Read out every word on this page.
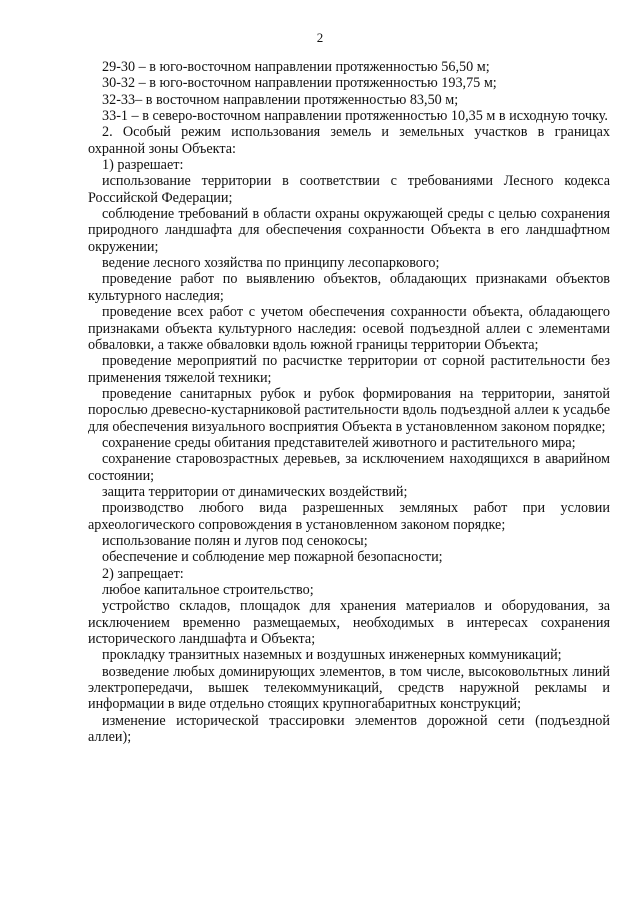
2

29-30 – в юго-восточном направлении протяженностью 56,50 м;

30-32 – в юго-восточном направлении протяженностью 193,75 м;

32-33– в восточном направлении протяженностью 83,50 м;

33-1 – в северо-восточном направлении протяженностью 10,35 м в исходную точку.

2. Особый режим использования земель и земельных участков в границах охранной зоны Объекта:

1) разрешает:

использование территории в соответствии с требованиями Лесного кодекса Российской Федерации;

соблюдение требований в области охраны окружающей среды с целью сохранения природного ландшафта для обеспечения сохранности Объекта в его ландшафтном окружении;

ведение лесного хозяйства по принципу лесопаркового;

проведение работ по выявлению объектов, обладающих признаками объектов культурного наследия;

проведение всех работ с учетом обеспечения сохранности объекта, обладающего признаками объекта культурного наследия: осевой подъездной аллеи с элементами обваловки, а также обваловки вдоль южной границы территории Объекта;

проведение мероприятий по расчистке территории от сорной растительности без применения тяжелой техники;

проведение санитарных рубок и рубок формирования на территории, занятой порослью древесно-кустарниковой растительности вдоль подъездной аллеи к усадьбе для обеспечения визуального восприятия Объекта в установленном законом порядке;

сохранение среды обитания представителей животного и растительного мира;

сохранение старовозрастных деревьев, за исключением находящихся в аварийном состоянии;

защита территории от динамических воздействий;

производство любого вида разрешенных земляных работ при условии археологического сопровождения в установленном законом порядке;

использование полян и лугов под сенокосы;

обеспечение и соблюдение мер пожарной безопасности;

2) запрещает:

любое капитальное строительство;

устройство складов, площадок для хранения материалов и оборудования, за исключением временно размещаемых, необходимых в интересах сохранения исторического ландшафта и Объекта;

прокладку транзитных наземных и воздушных инженерных коммуникаций;

возведение любых доминирующих элементов, в том числе, высоковольтных линий электропередачи, вышек телекоммуникаций, средств наружной рекламы и информации в виде отдельно стоящих крупногабаритных конструкций;

изменение исторической трассировки элементов дорожной сети (подъездной аллеи);
